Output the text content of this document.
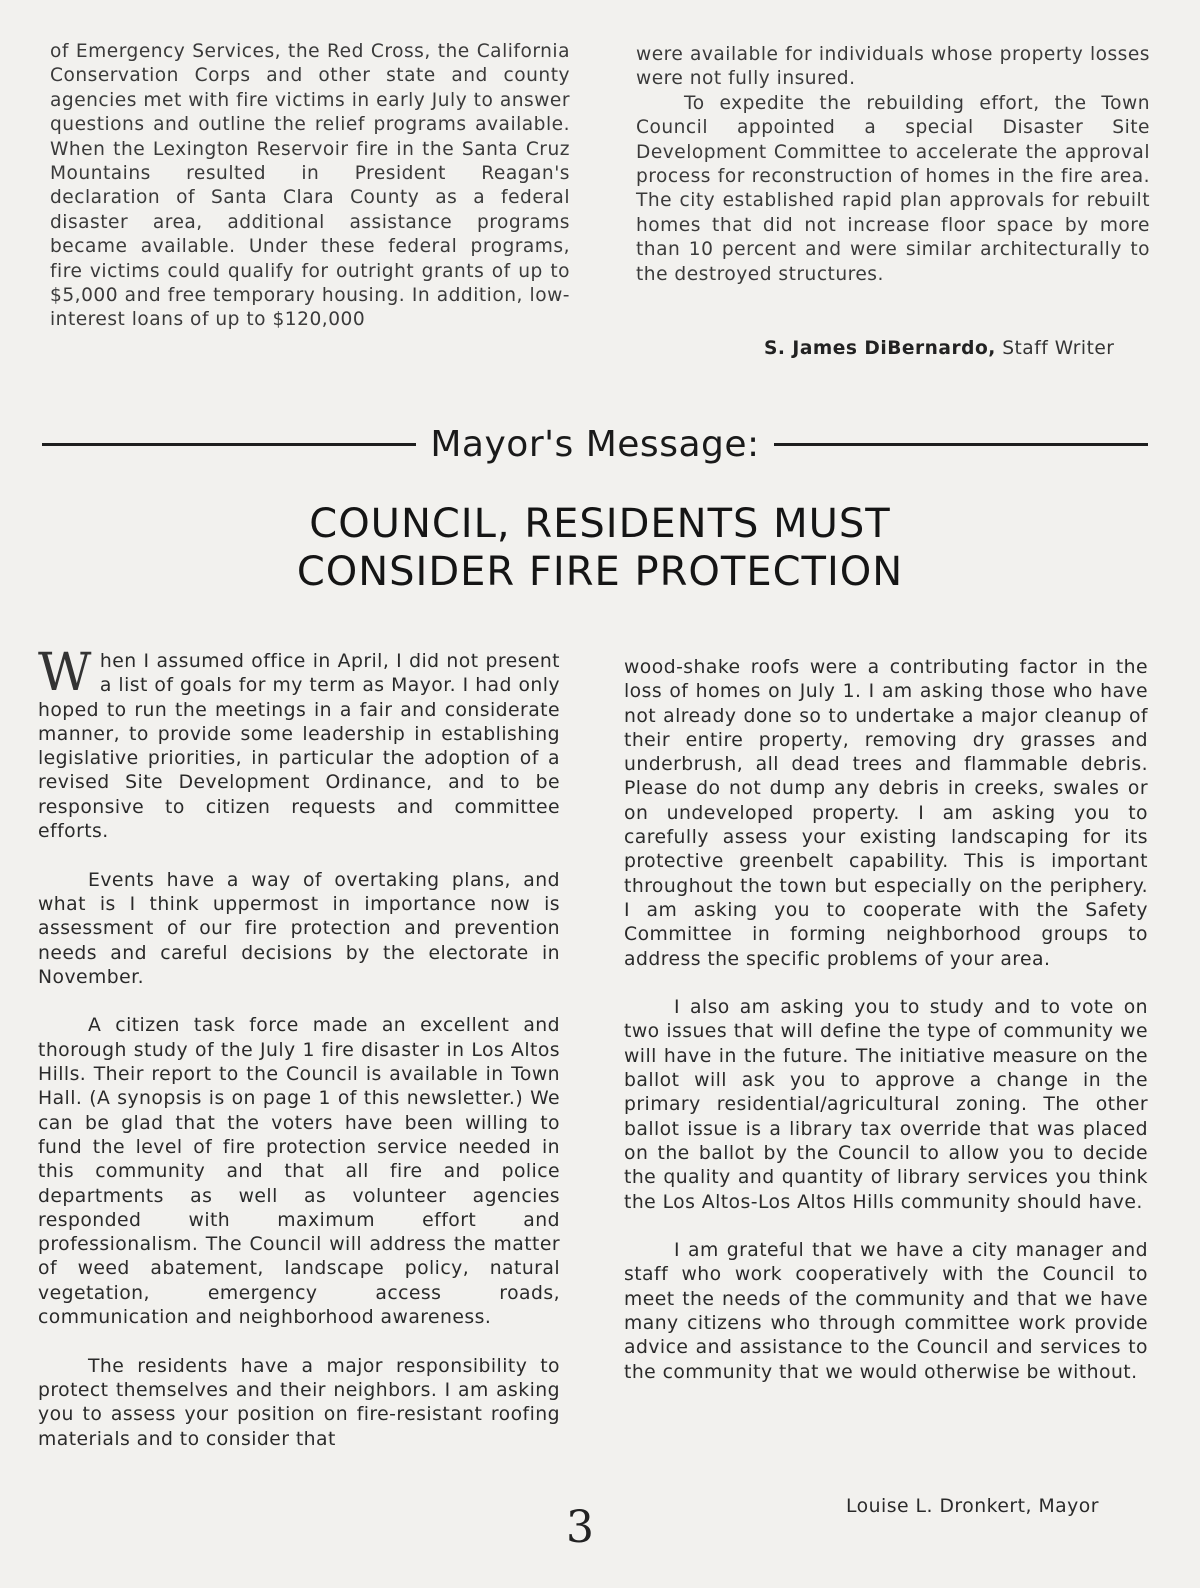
of Emergency Services, the Red Cross, the California Conservation Corps and other state and county agencies met with fire victims in early July to answer questions and outline the relief programs available. When the Lexington Reservoir fire in the Santa Cruz Mountains resulted in President Reagan's declaration of Santa Clara County as a federal disaster area, additional assistance programs became available. Under these federal programs, fire victims could qualify for outright grants of up to $5,000 and free temporary housing. In addition, low-interest loans of up to $120,000

were available for individuals whose property losses were not fully insured.

To expedite the rebuilding effort, the Town Council appointed a special Disaster Site Development Committee to accelerate the approval process for reconstruction of homes in the fire area. The city established rapid plan approvals for rebuilt homes that did not increase floor space by more than 10 percent and were similar architecturally to the destroyed structures.

S. James DiBernardo, Staff Writer
Mayor's Message:
COUNCIL, RESIDENTS MUST
CONSIDER FIRE PROTECTION

When I assumed office in April, I did not present a list of goals for my term as Mayor. I had only hoped to run the meetings in a fair and considerate manner, to provide some leadership in establishing legislative priorities, in particular the adoption of a revised Site Development Ordinance, and to be responsive to citizen requests and committee efforts.

Events have a way of overtaking plans, and what is I think uppermost in importance now is assessment of our fire protection and prevention needs and careful decisions by the electorate in November.

A citizen task force made an excellent and thorough study of the July 1 fire disaster in Los Altos Hills. Their report to the Council is available in Town Hall. (A synopsis is on page 1 of this newsletter.) We can be glad that the voters have been willing to fund the level of fire protection service needed in this community and that all fire and police departments as well as volunteer agencies responded with maximum effort and professionalism. The Council will address the matter of weed abatement, landscape policy, natural vegetation, emergency access roads, communication and neighborhood awareness.

The residents have a major responsibility to protect themselves and their neighbors. I am asking you to assess your position on fire-resistant roofing materials and to consider that

wood-shake roofs were a contributing factor in the loss of homes on July 1. I am asking those who have not already done so to undertake a major cleanup of their entire property, removing dry grasses and underbrush, all dead trees and flammable debris. Please do not dump any debris in creeks, swales or on undeveloped property. I am asking you to carefully assess your existing landscaping for its protective greenbelt capability. This is important throughout the town but especially on the periphery. I am asking you to cooperate with the Safety Committee in forming neighborhood groups to address the specific problems of your area.

I also am asking you to study and to vote on two issues that will define the type of community we will have in the future. The initiative measure on the ballot will ask you to approve a change in the primary residential/agricultural zoning. The other ballot issue is a library tax override that was placed on the ballot by the Council to allow you to decide the quality and quantity of library services you think the Los Altos-Los Altos Hills community should have.

I am grateful that we have a city manager and staff who work cooperatively with the Council to meet the needs of the community and that we have many citizens who through committee work provide advice and assistance to the Council and services to the community that we would otherwise be without.

Louise L. Dronkert, Mayor
3
